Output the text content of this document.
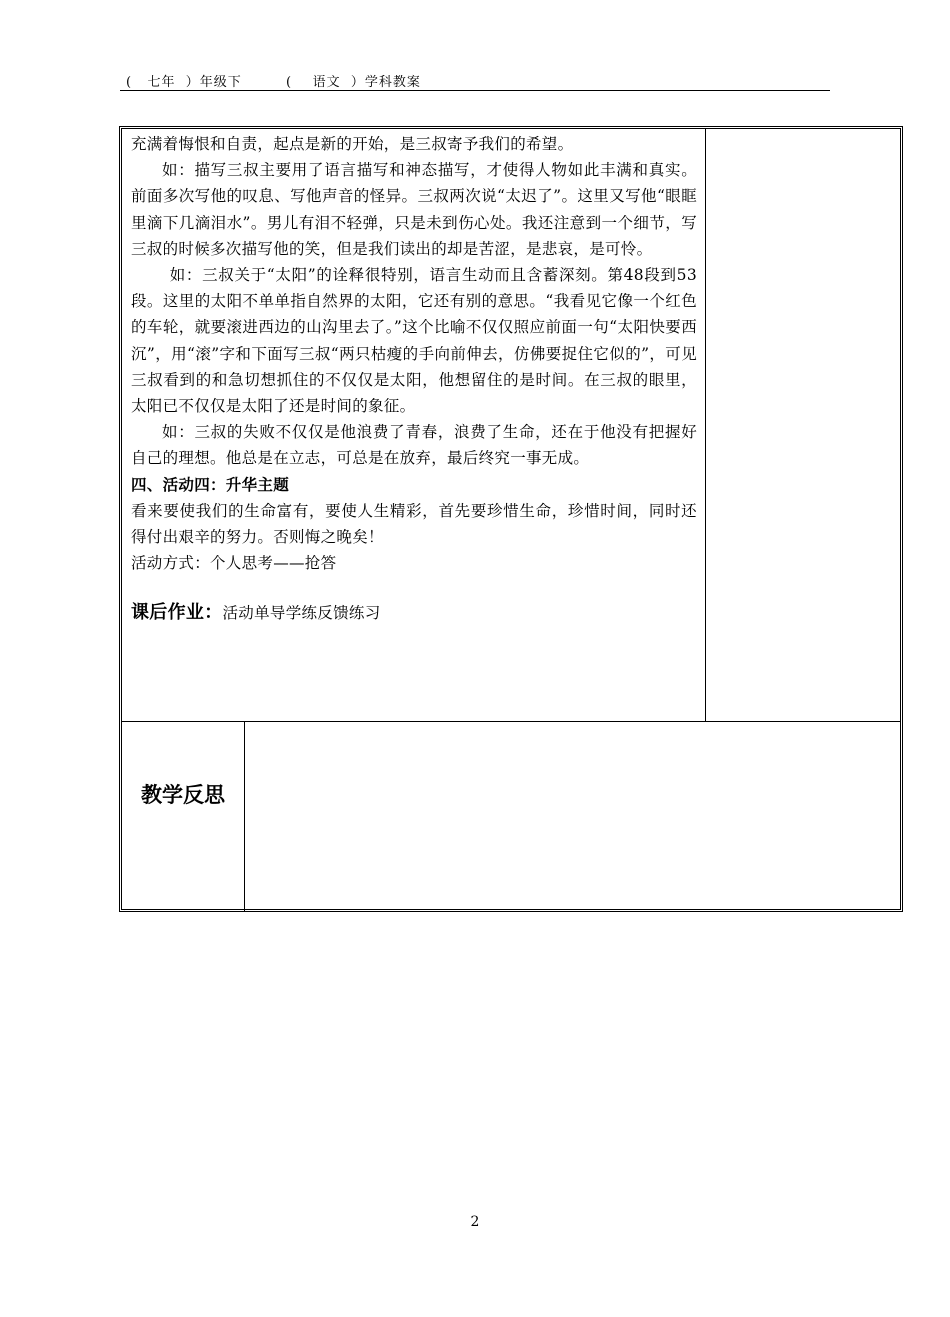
(   七年  ）年级下	(    语文  ）学科教案

充满着悔恨和自责，起点是新的开始，是三叔寄予我们的希望。

如：描写三叔主要用了语言描写和神态描写，才使得人物如此丰满和真实。前面多次写他的叹息、写他声音的怪异。三叔两次说“太迟了”。这里又写他“眼眶里滴下几滴泪水”。男儿有泪不轻弹，只是未到伤心处。我还注意到一个细节，写三叔的时候多次描写他的笑，但是我们读出的却是苦涩，是悲哀，是可怜。

如：三叔关于“太阳”的诠释很特别，语言生动而且含蓄深刻。第48段到53段。这里的太阳不单单指自然界的太阳，它还有别的意思。“我看见它像一个红色的车轮，就要滚进西边的山沟里去了。”这个比喻不仅仅照应前面一句“太阳快要西沉”，用“滚”字和下面写三叔“两只枯瘦的手向前伸去，仿佛要捉住它似的”，可见三叔看到的和急切想抓住的不仅仅是太阳，他想留住的是时间。在三叔的眼里，太阳已不仅仅是太阳了还是时间的象征。

如：三叔的失败不仅仅是他浪费了青春，浪费了生命，还在于他没有把握好自己的理想。他总是在立志，可总是在放弃，最后终究一事无成。

四、活动四：升华主题

看来要使我们的生命富有，要使人生精彩，首先要珍惜生命，珍惜时间，同时还得付出艰辛的努力。否则悔之晚矣！

活动方式：个人思考——抢答

课后作业：活动单导学练反馈练习

教学反思
2
